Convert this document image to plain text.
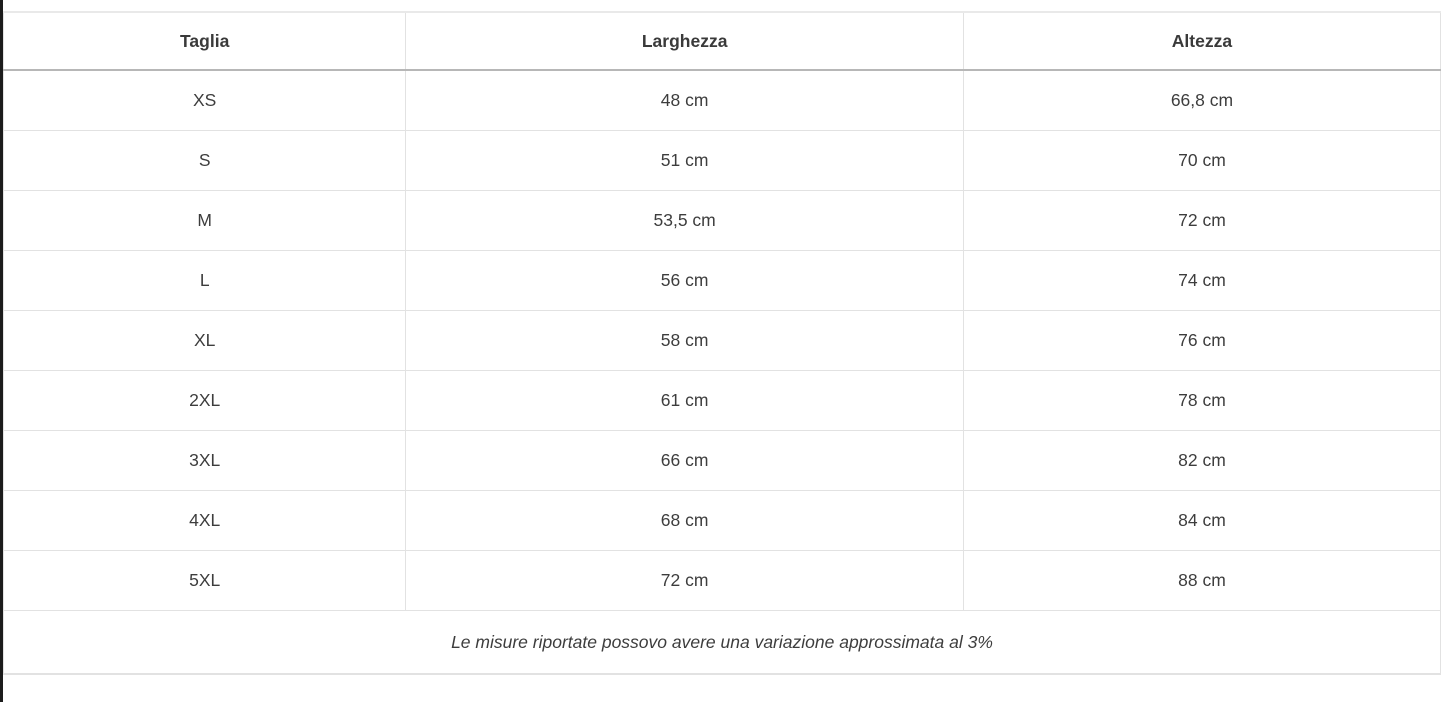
Taglia	Larghezza	Altezza
XS	48 cm	66,8 cm
S	51 cm	70 cm
M	53,5 cm	72 cm
L	56 cm	74 cm
XL	58 cm	76 cm
2XL	61 cm	78 cm
3XL	66 cm	82 cm
4XL	68 cm	84 cm
5XL	72 cm	88 cm
Le misure riportate possovo avere una variazione approssimata al 3%		
